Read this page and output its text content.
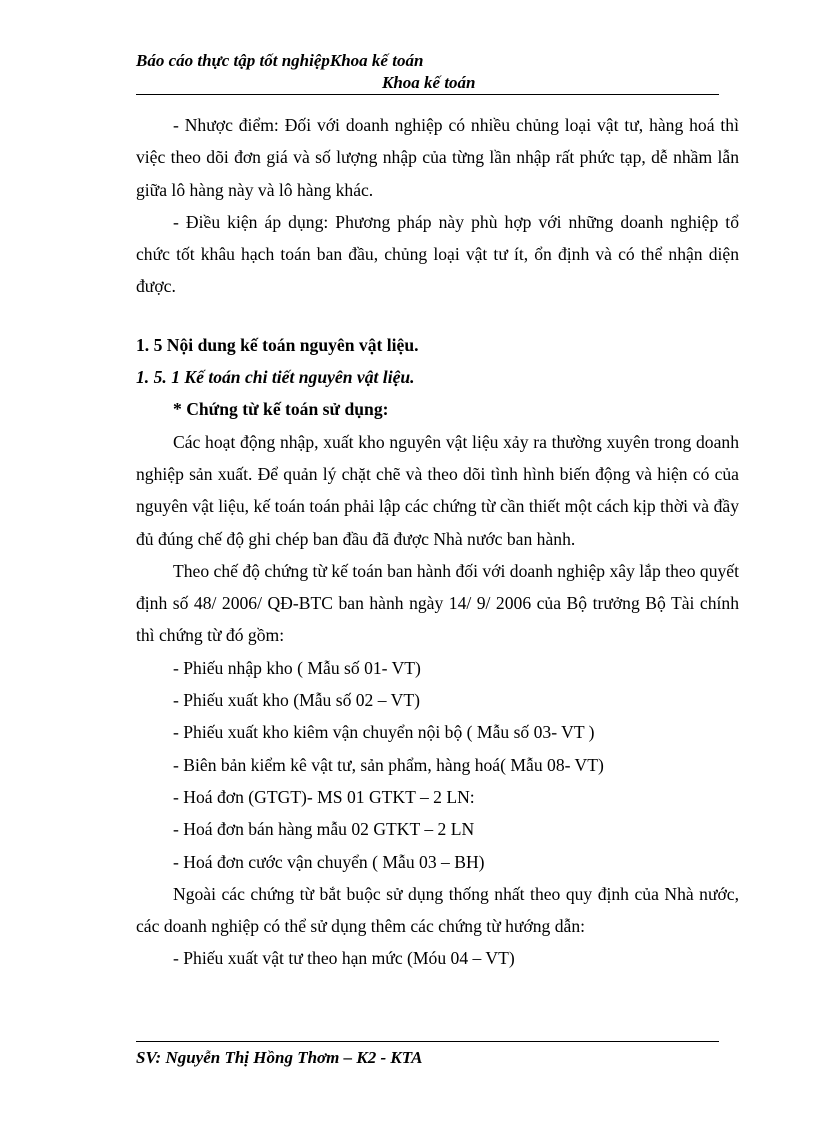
Báo cáo thực tập tốt nghiệpKhoa kế toán
Khoa kế toán

- Nhược điểm: Đối với doanh nghiệp có nhiều chủng loại vật tư, hàng hoá thì việc theo dõi đơn giá và số lượng nhập của từng lần nhập rất phức tạp, dễ nhầm lẫn giữa lô hàng này và lô hàng khác.

- Điều kiện áp dụng: Phương pháp này phù hợp với những doanh nghiệp tổ chức tốt khâu hạch toán ban đầu, chủng loại vật tư ít, ổn định và có thể nhận diện được.

1. 5 Nội dung kế toán nguyên vật liệu.

1. 5. 1 Kế toán chi tiết nguyên vật liệu.

* Chứng từ kế toán sử dụng:

Các hoạt động nhập, xuất kho nguyên vật liệu xảy ra thường xuyên trong doanh nghiệp sản xuất. Để quản lý chặt chẽ và theo dõi tình hình biến động và hiện có của nguyên vật liệu, kế toán toán phải lập các chứng từ cần thiết một cách kịp thời và đầy đủ đúng chế độ ghi chép ban đầu đã được Nhà nước ban hành.

Theo chế độ chứng từ kế toán ban hành đối với doanh nghiệp xây lắp theo quyết định số 48/ 2006/ QĐ-BTC ban hành ngày 14/ 9/ 2006 của Bộ trưởng Bộ Tài chính thì chứng từ đó gồm:

- Phiếu nhập kho ( Mẫu số 01- VT)

- Phiếu xuất kho (Mẫu số 02 – VT)

- Phiếu xuất kho kiêm vận chuyển nội bộ ( Mẫu số 03- VT )

- Biên bản kiểm kê vật tư, sản phẩm, hàng hoá( Mẫu 08- VT)

- Hoá đơn (GTGT)- MS 01 GTKT – 2 LN:

- Hoá đơn bán hàng mẫu 02 GTKT – 2 LN

- Hoá đơn cước vận chuyển ( Mẫu 03 – BH)

Ngoài các chứng từ bắt buộc sử dụng thống nhất theo quy định của Nhà nước, các doanh nghiệp có thể sử dụng thêm các chứng từ hướng dẫn:

- Phiếu xuất vật tư theo hạn mức (Móu 04 – VT)

SV: Nguyễn Thị Hồng Thơm – K2 - KTA
